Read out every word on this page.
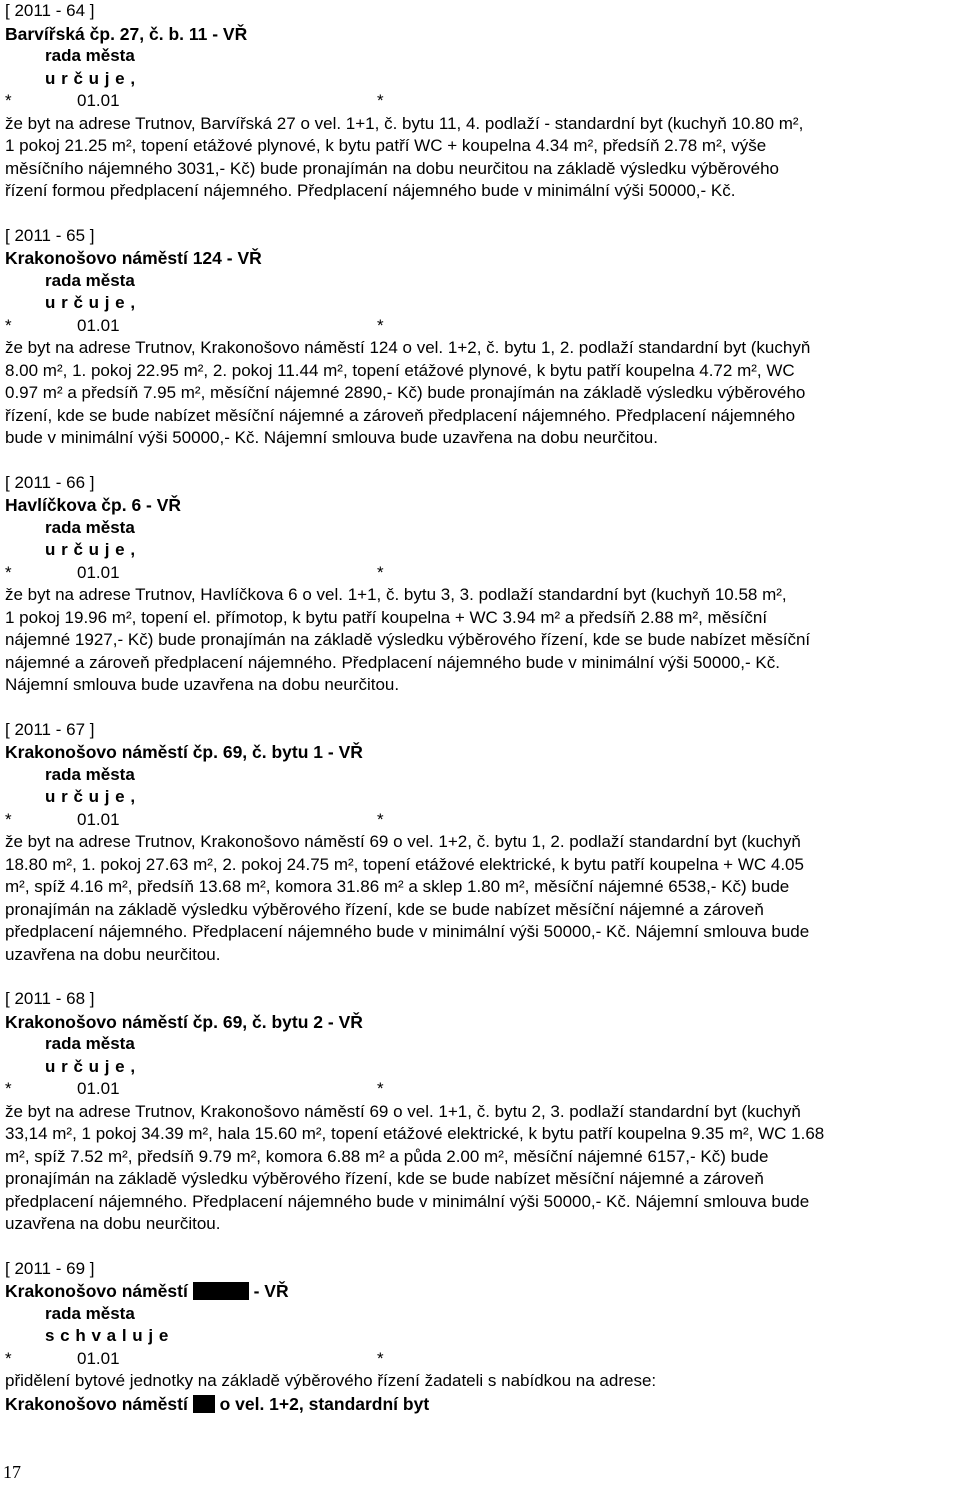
[ 2011 - 64 ]
Barvířská čp. 27, č. b. 11 - VŘ
rada města
u r č u j e ,
*	01.01	*
že byt na adrese Trutnov, Barvířská 27 o vel. 1+1, č. bytu 11, 4. podlaží - standardní byt (kuchyň 10.80 m²,
1 pokoj 21.25 m², topení etážové plynové, k bytu patří WC + koupelna 4.34 m², předsíň 2.78 m², výše
měsíčního nájemného 3031,- Kč) bude pronajímán na dobu neurčitou na základě výsledku výběrového
řízení formou předplacení nájemného. Předplacení nájemného bude v minimální výši 50000,- Kč.
[ 2011 - 65 ]
Krakonošovo náměstí 124 - VŘ
rada města
u r č u j e ,
*	01.01	*
že byt na adrese Trutnov, Krakonošovo náměstí 124 o vel. 1+2, č. bytu 1, 2. podlaží standardní byt (kuchyň
8.00 m², 1. pokoj 22.95 m², 2. pokoj 11.44 m², topení etážové plynové, k bytu patří koupelna 4.72 m², WC
0.97 m² a předsíň 7.95 m², měsíční nájemné 2890,- Kč) bude pronajímán na základě výsledku výběrového
řízení, kde se bude nabízet měsíční nájemné a zároveň předplacení nájemného. Předplacení nájemného
bude v minimální výši 50000,- Kč. Nájemní smlouva bude uzavřena na dobu neurčitou.
[ 2011 - 66 ]
Havlíčkova čp. 6 - VŘ
rada města
u r č u j e ,
*	01.01	*
že byt na adrese Trutnov, Havlíčkova 6 o vel. 1+1, č. bytu 3, 3. podlaží standardní byt (kuchyň 10.58 m²,
1 pokoj 19.96 m², topení el. přímotop, k bytu patří koupelna + WC 3.94 m² a předsíň 2.88 m², měsíční
nájemné 1927,- Kč) bude pronajímán na základě výsledku výběrového řízení, kde se bude nabízet měsíční
nájemné a zároveň předplacení nájemného. Předplacení nájemného bude v minimální výši 50000,- Kč.
Nájemní smlouva bude uzavřena na dobu neurčitou.
[ 2011 - 67 ]
Krakonošovo náměstí čp. 69, č. bytu 1 - VŘ
rada města
u r č u j e ,
*	01.01	*
že byt na adrese Trutnov, Krakonošovo náměstí 69 o vel. 1+2, č. bytu 1, 2. podlaží standardní byt (kuchyň
18.80 m², 1. pokoj 27.63 m², 2. pokoj 24.75 m², topení etážové elektrické, k bytu patří koupelna + WC 4.05
m², spíž 4.16 m², předsíň 13.68 m², komora 31.86 m² a sklep 1.80 m², měsíční nájemné 6538,- Kč) bude
pronajímán na základě výsledku výběrového řízení, kde se bude nabízet měsíční nájemné a zároveň
předplacení nájemného. Předplacení nájemného bude v minimální výši 50000,- Kč. Nájemní smlouva bude
uzavřena na dobu neurčitou.
[ 2011 - 68 ]
Krakonošovo náměstí čp. 69, č. bytu 2 - VŘ
rada města
u r č u j e ,
*	01.01	*
že byt na adrese Trutnov, Krakonošovo náměstí 69 o vel. 1+1, č. bytu 2, 3. podlaží standardní byt (kuchyň
33,14 m², 1 pokoj 34.39 m², hala 15.60 m², topení etážové elektrické, k bytu patří koupelna 9.35 m², WC 1.68
m², spíž 7.52 m², předsíň 9.79 m², komora 6.88 m² a půda 2.00 m², měsíční nájemné 6157,- Kč) bude
pronajímán na základě výsledku výběrového řízení, kde se bude nabízet měsíční nájemné a zároveň
předplacení nájemného. Předplacení nájemného bude v minimální výši 50000,- Kč. Nájemní smlouva bude
uzavřena na dobu neurčitou.
[ 2011 - 69 ]
Krakonošovo náměstí	- VŘ
rada města
s c h v a l u j e
*	01.01	*
přidělení bytové jednotky na základě výběrového řízení žadateli s nabídkou na adrese:
Krakonošovo náměstí o vel. 1+2, standardní byt
17
